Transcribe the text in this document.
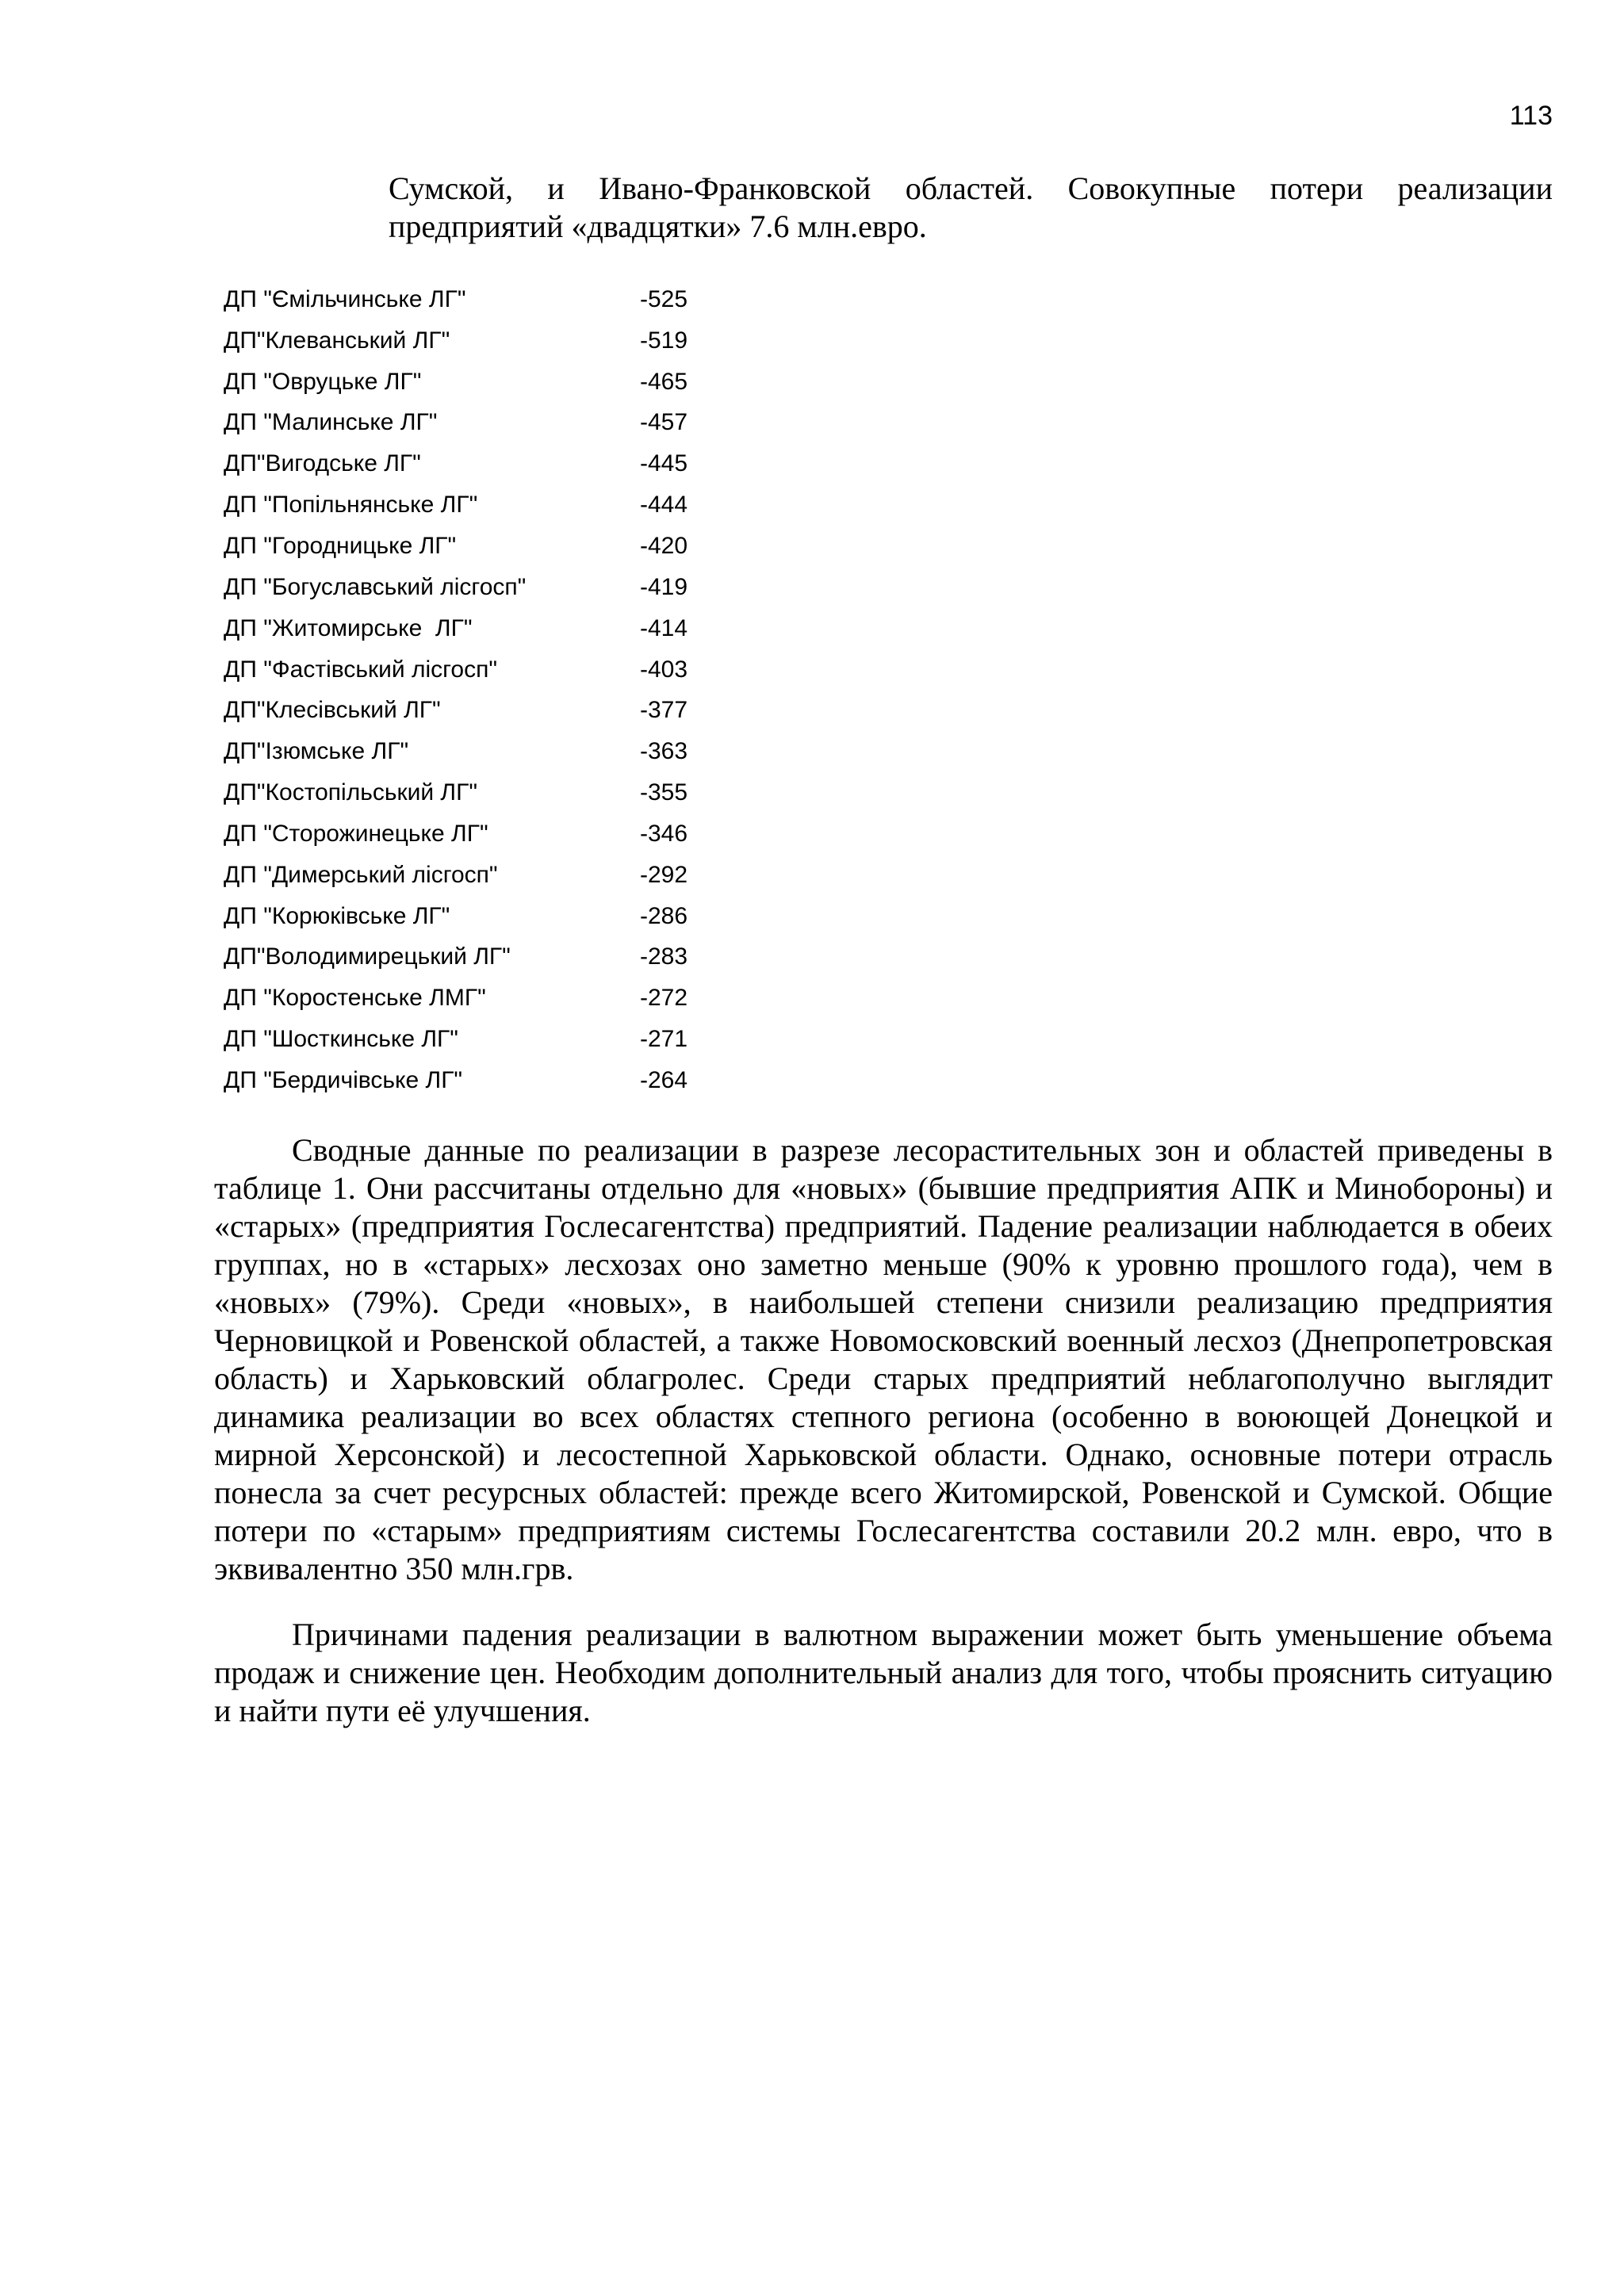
113

Сумской, и Ивано-Франковской областей. Совокупные потери реализации предприятий «двадцятки» 7.6 млн.евро.

ДП "Ємільчинське ЛГ"	-525
ДП"Клеванський ЛГ"	-519
ДП "Овруцьке ЛГ"	-465
ДП "Малинське ЛГ"	-457
ДП"Вигодське ЛГ"	-445
ДП "Попільнянське ЛГ"	-444
ДП "Городницьке ЛГ"	-420
ДП "Богуславський лісгосп"	-419
ДП "Житомирське  ЛГ"	-414
ДП "Фастівський лісгосп"	-403
ДП"Клесівський ЛГ"	-377
ДП"Ізюмське ЛГ"	-363
ДП"Костопільський ЛГ"	-355
ДП "Сторожинецьке ЛГ"	-346
ДП "Димерський лісгосп"	-292
ДП "Корюківське ЛГ"	-286
ДП"Володимирецький ЛГ"	-283
ДП "Коростенське ЛМГ"	-272
ДП "Шосткинське ЛГ"	-271
ДП "Бердичівське ЛГ"	-264

Сводные данные по реализации в разрезе лесорастительных зон и областей приведены в таблице 1. Они рассчитаны отдельно для «новых» (бывшие предприятия АПК и Минобороны) и «старых» (предприятия Гослесагентства) предприятий. Падение реализации наблюдается в обеих группах, но в «старых» лесхозах оно заметно меньше (90% к уровню прошлого года), чем в «новых» (79%). Среди «новых», в наибольшей степени снизили реализацию предприятия Черновицкой и Ровенской областей, а также Новомосковский военный лесхоз (Днепропетровская область) и Харьковский облагролес. Среди старых предприятий неблагополучно выглядит динамика реализации во всех областях степного региона (особенно в воюющей Донецкой и мирной Херсонской) и лесостепной Харьковской области. Однако, основные потери отрасль понесла за счет ресурсных областей: прежде всего Житомирской, Ровенской и Сумской. Общие потери по «старым» предприятиям системы Гослесагентства составили 20.2 млн. евро, что в эквивалентно 350 млн.грв.

Причинами падения реализации в валютном выражении может быть уменьшение объема продаж и снижение цен. Необходим дополнительный анализ для того, чтобы прояснить ситуацию и найти пути её улучшения.
